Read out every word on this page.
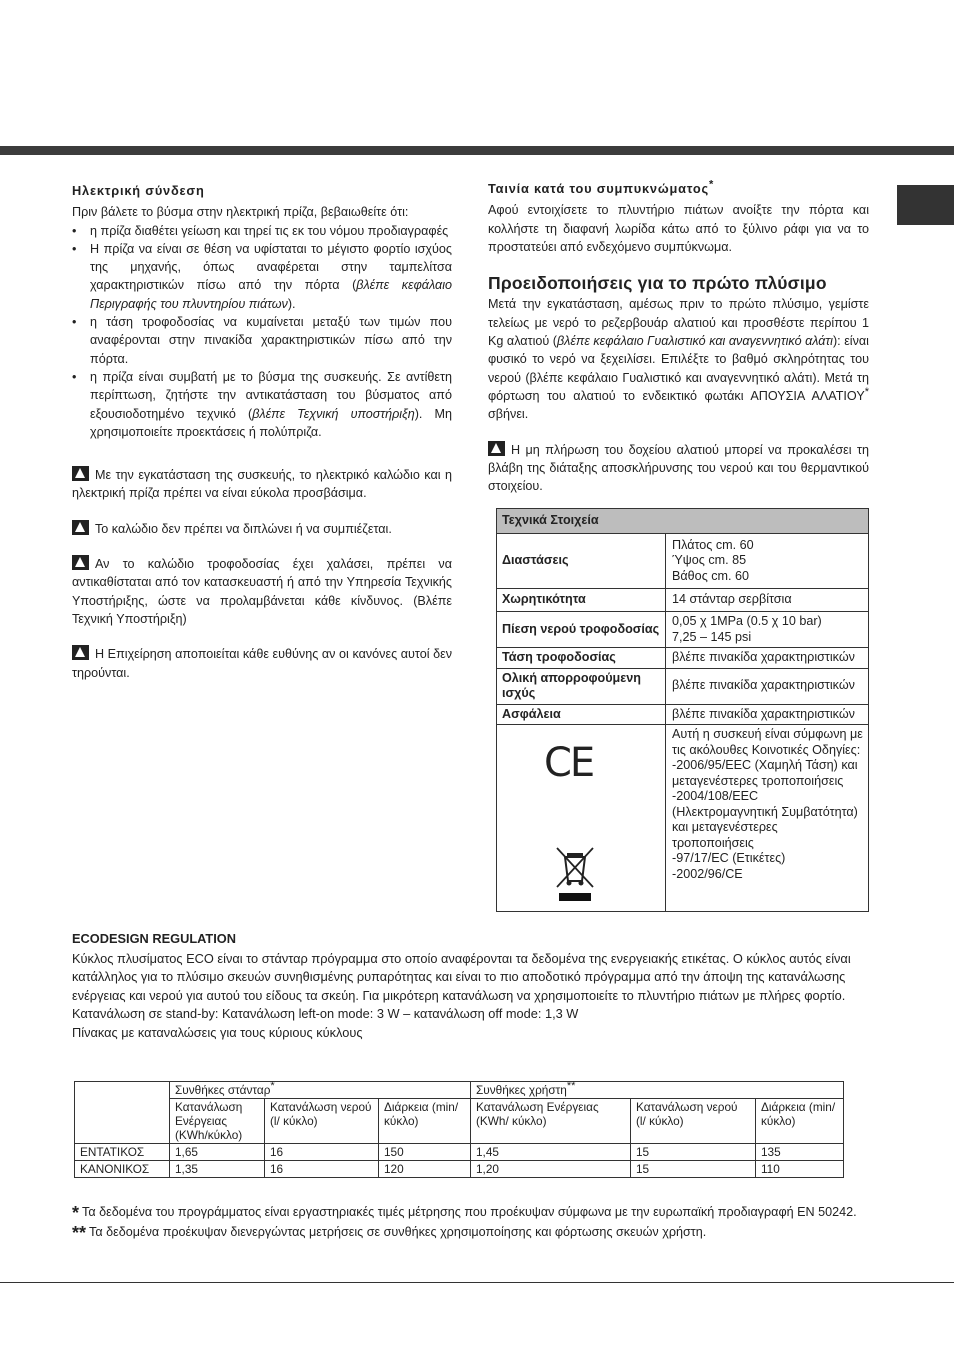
Ηλεκτρική σύνδεση

Πριν βάλετε το βύσμα στην ηλεκτρική πρίζα, βεβαιωθείτε ότι:

• η πρίζα διαθέτει γείωση και τηρεί τις εκ του νόμου προδιαγραφές
• Η πρίζα να είναι σε θέση να υφίσταται το μέγιστο φορτίο ισχύος της μηχανής, όπως αναφέρεται στην ταμπελίτσα χαρακτηριστικών πίσω από την πόρτα (βλέπε κεφάλαιο Περιγραφής του πλυντηρίου πιάτων).
• η τάση τροφοδοσίας να κυμαίνεται μεταξύ των τιμών που αναφέρονται στην πινακίδα χαρακτηριστικών πίσω από την πόρτα.
• η πρίζα είναι συμβατή με το βύσμα της συσκευής. Σε αντίθετη περίπτωση, ζητήστε την αντικατάσταση του βύσματος από εξουσιοδοτημένο τεχνικό (βλέπε Τεχνική υποστήριξη). Μη χρησιμοποιείτε προεκτάσεις ή πολύπριζα.

Με την εγκατάσταση της συσκευής, το ηλεκτρικό καλώδιο και η ηλεκτρική πρίζα πρέπει να είναι εύκολα προσβάσιμα.

Το καλώδιο δεν πρέπει να διπλώνει ή να συμπιέζεται.

Αν το καλώδιο τροφοδοσίας έχει χαλάσει, πρέπει να αντικαθίσταται από τον κατασκευαστή ή από την Υπηρεσία Τεχνικής Υποστήριξης, ώστε να προλαμβάνεται κάθε κίνδυνος. (Βλέπε Τεχνική Υποστήριξη)

Η Επιχείρηση αποποιείται κάθε ευθύνης αν οι κανόνες αυτοί δεν τηρούνται.

Ταινία κατά του συμπυκνώματος*

Αφού εντοιχίσετε το πλυντήριο πιάτων ανοίξτε την πόρτα και κολλήστε τη διαφανή λωρίδα κάτω από το ξύλινο ράφι για να το προστατεύει από ενδεχόμενο συμπύκνωμα.

Προειδοποιήσεις για το πρώτο πλύσιμο

Μετά την εγκατάσταση, αμέσως πριν το πρώτο πλύσιμο, γεμίστε τελείως με νερό το ρεζερβουάρ αλατιού και προσθέστε περίπου 1 Kg αλατιού (βλέπε κεφάλαιο Γυαλιστικό και αναγεννητικό αλάτι): είναι φυσικό το νερό να ξεχειλίσει. Επιλέξτε το βαθμό σκληρότητας του νερού (βλέπε κεφάλαιο Γυαλιστικό και αναγεννητικό αλάτι). Μετά τη φόρτωση του αλατιού το ενδεικτικό φωτάκι ΑΠΟΥΣΙΑ ΑΛΑΤΙΟΥ* σβήνει.

Η μη πλήρωση του δοχείου αλατιού μπορεί να προκαλέσει τη βλάβη της διάταξης αποσκλήρυνσης του νερού και του θερμαντικού στοιχείου.

Τεχνικά Στοιχεία	
Διαστάσεις	Πλάτος cm. 60
Ύψος cm. 85
Βάθος cm. 60

Χωρητικότητα	14 στάνταρ σερβίτσια
Πίεση νερού τροφοδοσίας	0,05 χ 1MPa (0.5 χ 10 bar)
7,25 – 145 psi

Τάση τροφοδοσίας	βλέπε πινακίδα χαρακτηριστικών
Ολική απορροφούμενη ισχύς	βλέπε πινακίδα χαρακτηριστικών
Ασφάλεια	βλέπε πινακίδα χαρακτηριστικών

CE	Αυτή η συσκευή είναι σύμφωνη με τις ακόλουθες Κοινοτικές Οδηγίες:
-2006/95/EEC (Χαμηλή Τάση) και μεταγενέστερες τροποποιήσεις
-2004/108/EEC (Ηλεκτρομαγνητική Συμβατότητα) και μεταγενέστερες τροποποιήσεις
-97/17/EC (Ετικέτες)
-2002/96/CE
ECODESIGN REGULATION

Κύκλος πλυσίματος ECO είναι το στάνταρ πρόγραμμα στο οποίο αναφέρονται τα δεδομένα της ενεργειακής ετικέτας. Ο κύκλος αυτός είναι κατάλληλος για το πλύσιμο σκευών συνηθισμένης ρυπαρότητας και είναι το πιο αποδοτικό πρόγραμμα από την άποψη της κατανάλωσης ενέργειας και νερού για αυτού του είδους τα σκεύη. Για μικρότερη κατανάλωση να χρησιμοποιείτε το πλυντήριο πιάτων με πλήρες φορτίο.

Κατανάλωση σε stand-by: Κατανάλωση left-on mode: 3 W – κατανάλωση off mode: 1,3 W

Πίνακας με καταναλώσεις για τους κύριους κύκλους

	Συνθήκες στάνταρ*			Συνθήκες χρήστη**
	Κατανάλωση Ενέργειας (KWh/κύκλο)	Κατανάλωση νερού (l/ κύκλο)	Διάρκεια (min/ κύκλο)	Κατανάλωση Ενέργειας (KWh/ κύκλο)	Κατανάλωση νερού (l/ κύκλο)	Διάρκεια (min/ κύκλο)
ΕΝΤΑΤΙΚΟΣ	1,65	16	150	1,45	15	135
ΚΑΝΟΝΙΚΟΣ	1,35	16	120	1,20	15	110

* Τα δεδομένα του προγράμματος είναι εργαστηριακές τιμές μέτρησης που προέκυψαν σύμφωνα με την ευρωπαϊκή προδιαγραφή ΕΝ 50242.

** Τα δεδομένα προέκυψαν διενεργώντας μετρήσεις σε συνθήκες χρησιμοποίησης και φόρτωσης σκευών χρήστη.
